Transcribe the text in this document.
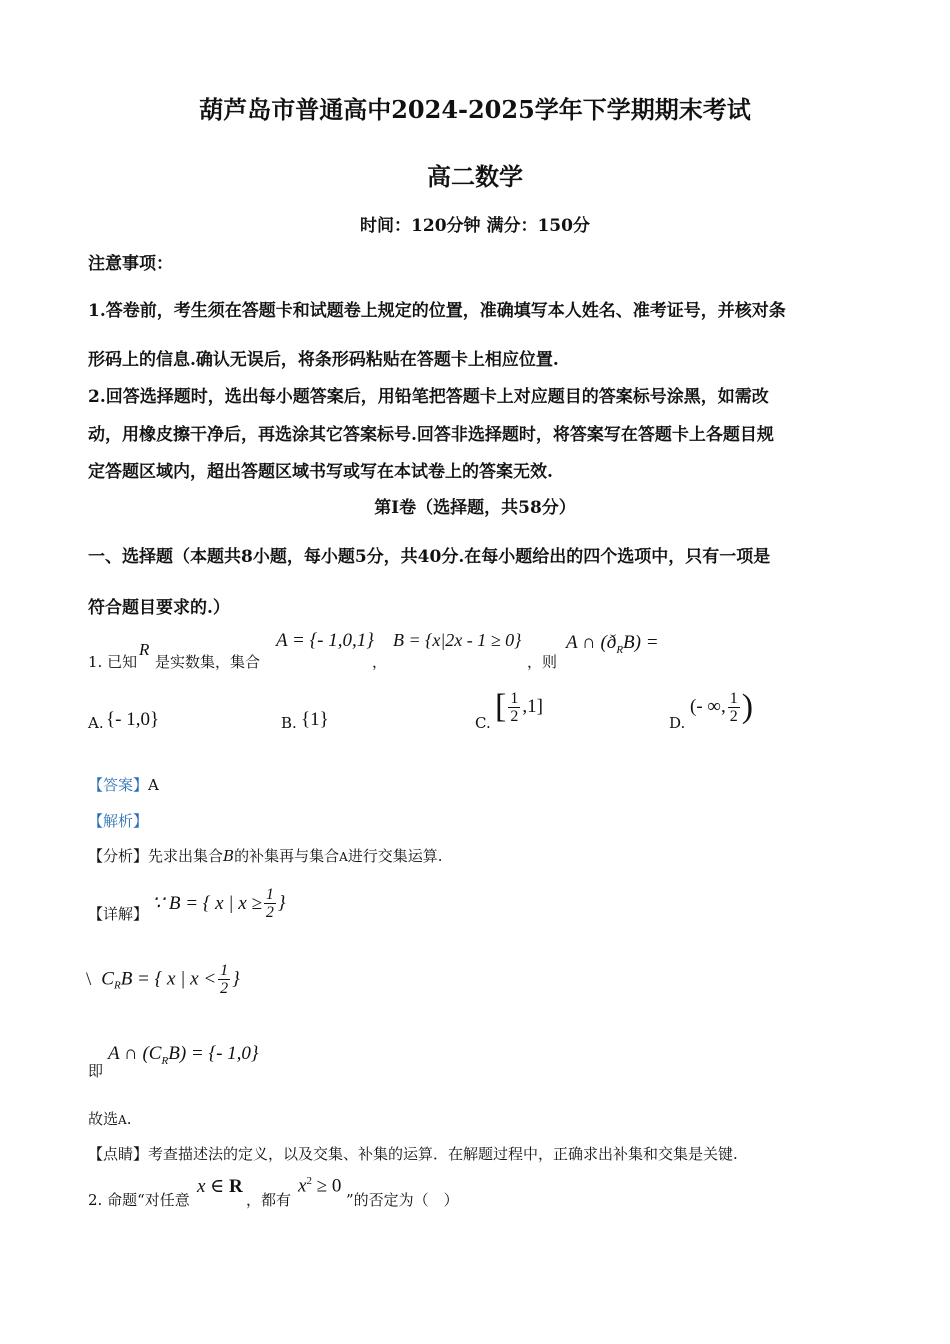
葫芦岛市普通高中2024-2025学年下学期期末考试
高二数学
时间：120分钟 满分：150分
注意事项：
1.答卷前，考生须在答题卡和试题卷上规定的位置，准确填写本人姓名、准考证号，并核对条
形码上的信息.确认无误后，将条形码粘贴在答题卡上相应位置.
2.回答选择题时，选出每小题答案后，用铅笔把答题卡上对应题目的答案标号涂黑，如需改
动，用橡皮擦干净后，再选涂其它答案标号.回答非选择题时，将答案写在答题卡上各题目规
定答题区域内，超出答题区域书写或写在本试卷上的答案无效.
第I卷（选择题，共58分）
一、选择题（本题共8小题，每小题5分，共40分.在每小题给出的四个选项中，只有一项是
符合题目要求的.）
1. 已知
R
是实数集，集合
A = {- 1,0,1}
，
B = {x|2x - 1 ≥ 0}
，则
A ∩ $(ð_RB)$ =
A. {- 1,0}	B. {1}	C. [ $\frac{1}{2} ,1$]
D.
(- ∞, $\frac{1}{2}$ )
【答案】A
【解析】
【分析】先求出集合B的补集再与集合A进行交集运算.
【详解】 ∵ B = { x | $x \ge \frac{1}{2}$ }
\ $C_RB$ = { x | $x < \frac{1}{2}$ }
即
A ∩ $(C_RB)$ = {- 1,0}
故选A.
【点睛】考查描述法的定义，以及交集、补集的运算．在解题过程中，正确求出补集和交集是关键.
2. 命题“对任意
x ∈ R
，都有
$x^2 \ge 0$
”的否定为（　）
